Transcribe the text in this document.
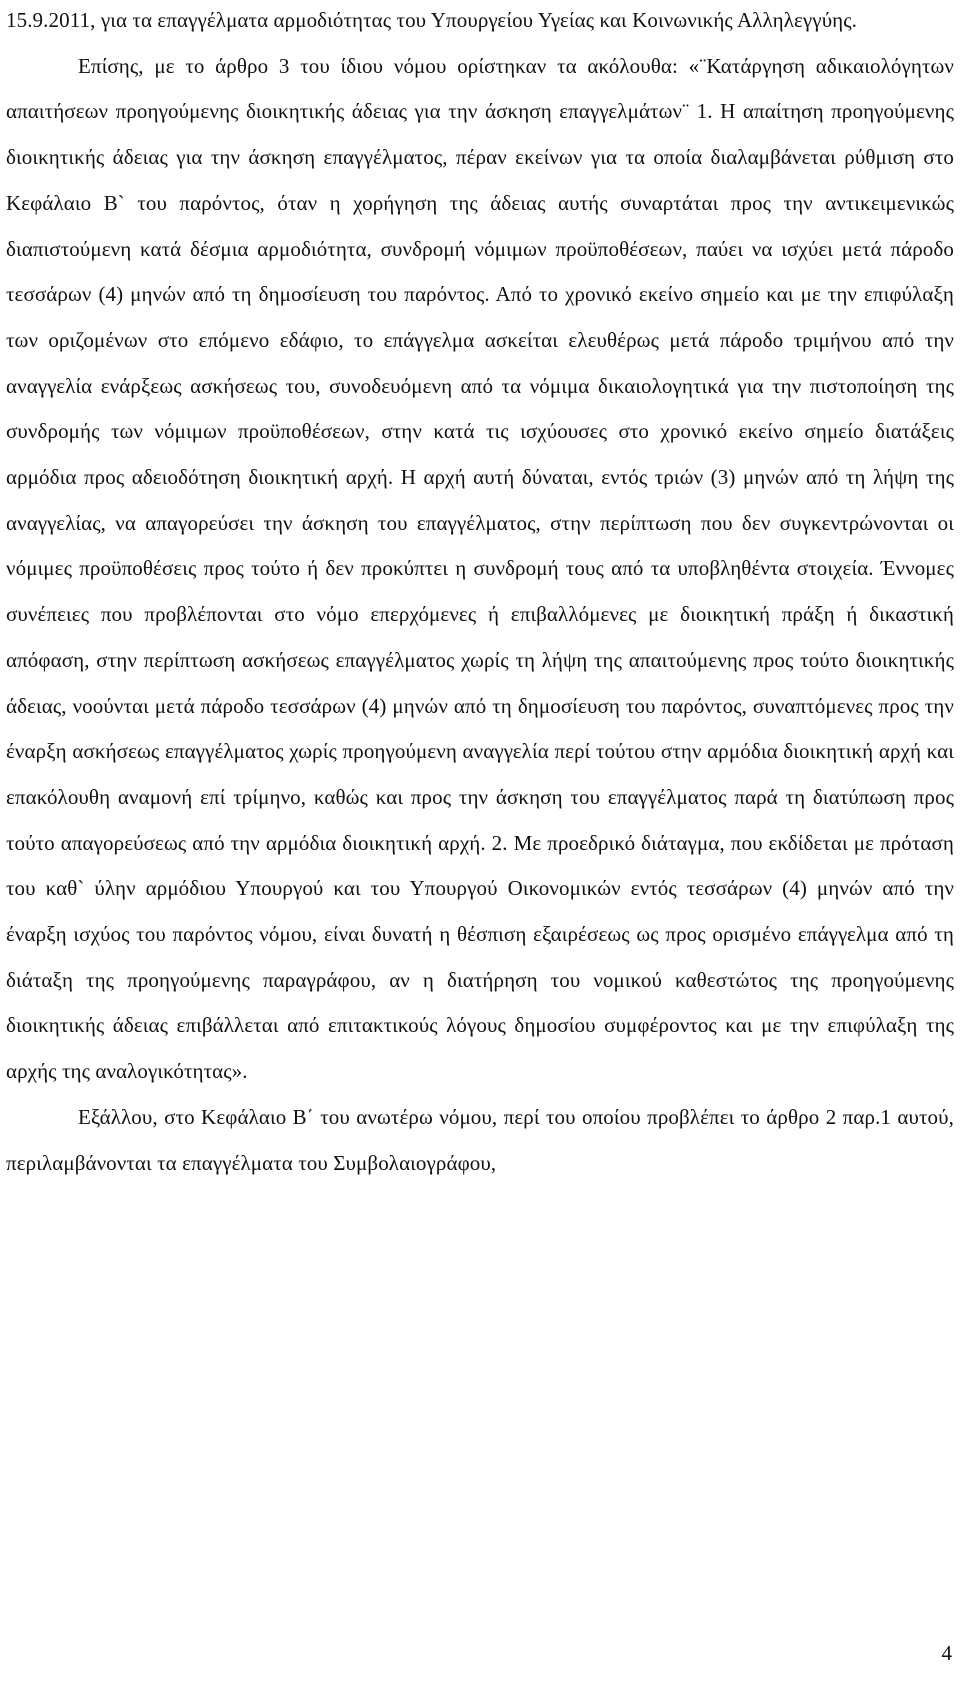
15.9.2011, για τα επαγγέλματα αρμοδιότητας του Υπουργείου Υγείας και Κοινωνικής Αλληλεγγύης.

Επίσης, με το άρθρο 3 του ίδιου νόμου ορίστηκαν τα ακόλουθα: «¨Κατάργηση αδικαιολόγητων απαιτήσεων προηγούμενης διοικητικής άδειας για την άσκηση επαγγελμάτων¨ 1. Η απαίτηση προηγούμενης διοικητικής άδειας για την άσκηση επαγγέλματος, πέραν εκείνων για τα οποία διαλαμβάνεται ρύθμιση στο Κεφάλαιο Β` του παρόντος, όταν η χορήγηση της άδειας αυτής συναρτάται προς την αντικειμενικώς διαπιστούμενη κατά δέσμια αρμοδιότητα, συνδρομή νόμιμων προϋποθέσεων, παύει να ισχύει μετά πάροδο τεσσάρων (4) μηνών από τη δημοσίευση του παρόντος. Από το χρονικό εκείνο σημείο και με την επιφύλαξη των οριζομένων στο επόμενο εδάφιο, το επάγγελμα ασκείται ελευθέρως μετά πάροδο τριμήνου από την αναγγελία ενάρξεως ασκήσεως του, συνοδευόμενη από τα νόμιμα δικαιολογητικά για την πιστοποίηση της συνδρομής των νόμιμων προϋποθέσεων, στην κατά τις ισχύουσες στο χρονικό εκείνο σημείο διατάξεις αρμόδια προς αδειοδότηση διοικητική αρχή. Η αρχή αυτή δύναται, εντός τριών (3) μηνών από τη λήψη της αναγγελίας, να απαγορεύσει την άσκηση του επαγγέλματος, στην περίπτωση που δεν συγκεντρώνονται οι νόμιμες προϋποθέσεις προς τούτο ή δεν προκύπτει η συνδρομή τους από τα υποβληθέντα στοιχεία. Έννομες συνέπειες που προβλέπονται στο νόμο επερχόμενες ή επιβαλλόμενες με διοικητική πράξη ή δικαστική απόφαση, στην περίπτωση ασκήσεως επαγγέλματος χωρίς τη λήψη της απαιτούμενης προς τούτο διοικητικής άδειας, νοούνται μετά πάροδο τεσσάρων (4) μηνών από τη δημοσίευση του παρόντος, συναπτόμενες προς την έναρξη ασκήσεως επαγγέλματος χωρίς προηγούμενη αναγγελία περί τούτου στην αρμόδια διοικητική αρχή και επακόλουθη αναμονή επί τρίμηνο, καθώς και προς την άσκηση του επαγγέλματος παρά τη διατύπωση προς τούτο απαγορεύσεως από την αρμόδια διοικητική αρχή. 2. Με προεδρικό διάταγμα, που εκδίδεται με πρόταση του καθ` ύλην αρμόδιου Υπουργού και του Υπουργού Οικονομικών εντός τεσσάρων (4) μηνών από την έναρξη ισχύος του παρόντος νόμου, είναι δυνατή η θέσπιση εξαιρέσεως ως προς ορισμένο επάγγελμα από τη διάταξη της προηγούμενης παραγράφου, αν η διατήρηση του νομικού καθεστώτος της προηγούμενης διοικητικής άδειας επιβάλλεται από επιτακτικούς λόγους δημοσίου συμφέροντος και με την επιφύλαξη της αρχής της αναλογικότητας».

Εξάλλου, στο Κεφάλαιο Β΄ του ανωτέρω νόμου, περί του οποίου προβλέπει το άρθρο 2 παρ.1 αυτού, περιλαμβάνονται τα επαγγέλματα του Συμβολαιογράφου,

4
